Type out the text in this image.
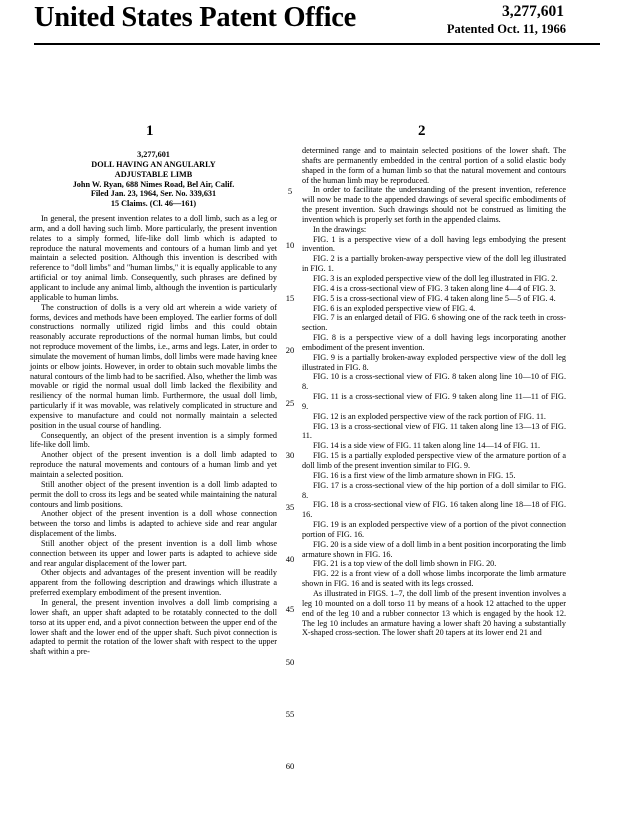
United States Patent Office	3,277,601
Patented Oct. 11, 1966
1	2

3,277,601

DOLL HAVING AN ANGULARLY

ADJUSTABLE LIMB

John W. Ryan, 688 Nimes Road, Bel Air, Calif.

Filed Jan. 23, 1964, Ser. No. 339,631

15 Claims. (Cl. 46—161)

In general, the present invention relates to a doll limb, such as a leg or arm, and a doll having such limb. More particularly, the present invention relates to a simply formed, life-like doll limb which is adapted to reproduce the natural movements and contours of a human limb and yet maintain a selected position. Although this invention is described with reference to "doll limbs" and "human limbs," it is equally applicable to any artificial or toy animal limb. Consequently, such phrases are defined by applicant to include any animal limb, although the invention is particularly applicable to human limbs.

The construction of dolls is a very old art wherein a wide variety of forms, devices and methods have been employed. The earlier forms of doll constructions normally utilized rigid limbs and this could obtain reasonably accurate reproductions of the normal human limbs, but could not reproduce movement of the limbs, i.e., arms and legs. Later, in order to simulate the movement of human limbs, doll limbs were made having knee joints or elbow joints. However, in order to obtain such movable limbs the natural contours of the limb had to be sacrified. Also, whether the limb was movable or rigid the normal usual doll limb lacked the flexibility and resiliency of the normal human limb. Furthermore, the usual doll limb, particularly if it was movable, was relatively complicated in structure and expensive to manufacture and could not normally maintain a selected position in the usual course of handling.

Consequently, an object of the present invention is a simply formed life-like doll limb.

Another object of the present invention is a doll limb adapted to reproduce the natural movements and contours of a human limb and yet maintain a selected position.

Still another object of the present invention is a doll limb adapted to permit the doll to cross its legs and be seated while maintaining the natural contours and limb positions.

Another object of the present invention is a doll whose connection between the torso and limbs is adapted to achieve side and rear angular displacement of the limbs.

Still another object of the present invention is a doll limb whose connection between its upper and lower parts is adapted to achieve side and rear angular displacement of the lower part.

Other objects and advantages of the present invention will be readily apparent from the following description and drawings which illustrate a preferred exemplary embodiment of the present invention.

In general, the present invention involves a doll limb comprising a lower shaft, an upper shaft adapted to be rotatably connected to the doll torso at its upper end, and a pivot connection between the upper end of the lower shaft and the lower end of the upper shaft. Such pivot connection is adapted to permit the rotation of the lower shaft with respect to the upper shaft within a pre-

determined range and to maintain selected positions of the lower shaft. The shafts are permanently embedded in the central portion of a solid elastic body shaped in the form of a human limb so that the natural movement and contours of the human limb may be reproduced.

In order to facilitate the understanding of the present invention, reference will now be made to the appended drawings of several specific embodiments of the present invention. Such drawings should not be construed as limiting the invention which is properly set forth in the appended claims.

In the drawings:

FIG. 1 is a perspective view of a doll having legs embodying the present invention.

FIG. 2 is a partially broken-away perspective view of the doll leg illustrated in FIG. 1.

FIG. 3 is an exploded perspective view of the doll leg illustrated in FIG. 2.

FIG. 4 is a cross-sectional view of FIG. 3 taken along line 4—4 of FIG. 3.

FIG. 5 is a cross-sectional view of FIG. 4 taken along line 5—5 of FIG. 4.

FIG. 6 is an exploded perspective view of FIG. 4.

FIG. 7 is an enlarged detail of FIG. 6 showing one of the rack teeth in cross-section.

FIG. 8 is a perspective view of a doll having legs incorporating another embodiment of the present invention.

FIG. 9 is a partially broken-away exploded perspective view of the doll leg illustrated in FIG. 8.

FIG. 10 is a cross-sectional view of FIG. 8 taken along line 10—10 of FIG. 8.

FIG. 11 is a cross-sectional view of FIG. 9 taken along line 11—11 of FIG. 9.

FIG. 12 is an exploded perspective view of the rack portion of FIG. 11.

FIG. 13 is a cross-sectional view of FIG. 11 taken along line 13—13 of FIG. 11.

FIG. 14 is a side view of FIG. 11 taken along line 14—14 of FIG. 11.

FIG. 15 is a partially exploded perspective view of the armature portion of a doll limb of the present invention similar to FIG. 9.

FIG. 16 is a first view of the limb armature shown in FIG. 15.

FIG. 17 is a cross-sectional view of the hip portion of a doll similar to FIG. 8.

FIG. 18 is a cross-sectional view of FIG. 16 taken along line 18—18 of FIG. 16.

FIG. 19 is an exploded perspective view of a portion of the pivot connection portion of FIG. 16.

FIG. 20 is a side view of a doll limb in a bent position incorporating the limb armature shown in FIG. 16.

FIG. 21 is a top view of the doll limb shown in FIG. 20.

FIG. 22 is a front view of a doll whose limbs incorporate the limb armature shown in FIG. 16 and is seated with its legs crossed.

As illustrated in FIGS. 1–7, the doll limb of the present invention involves a leg 10 mounted on a doll torso 11 by means of a hook 12 attached to the upper end of the leg 10 and a rubber connector 13 which is engaged by the hook 12. The leg 10 includes an armature having a lower shaft 20 having a substantially X-shaped cross-section. The lower shaft 20 tapers at its lower end 21 and

5
10
15
20
25
30
35
40
45
50
55
60
